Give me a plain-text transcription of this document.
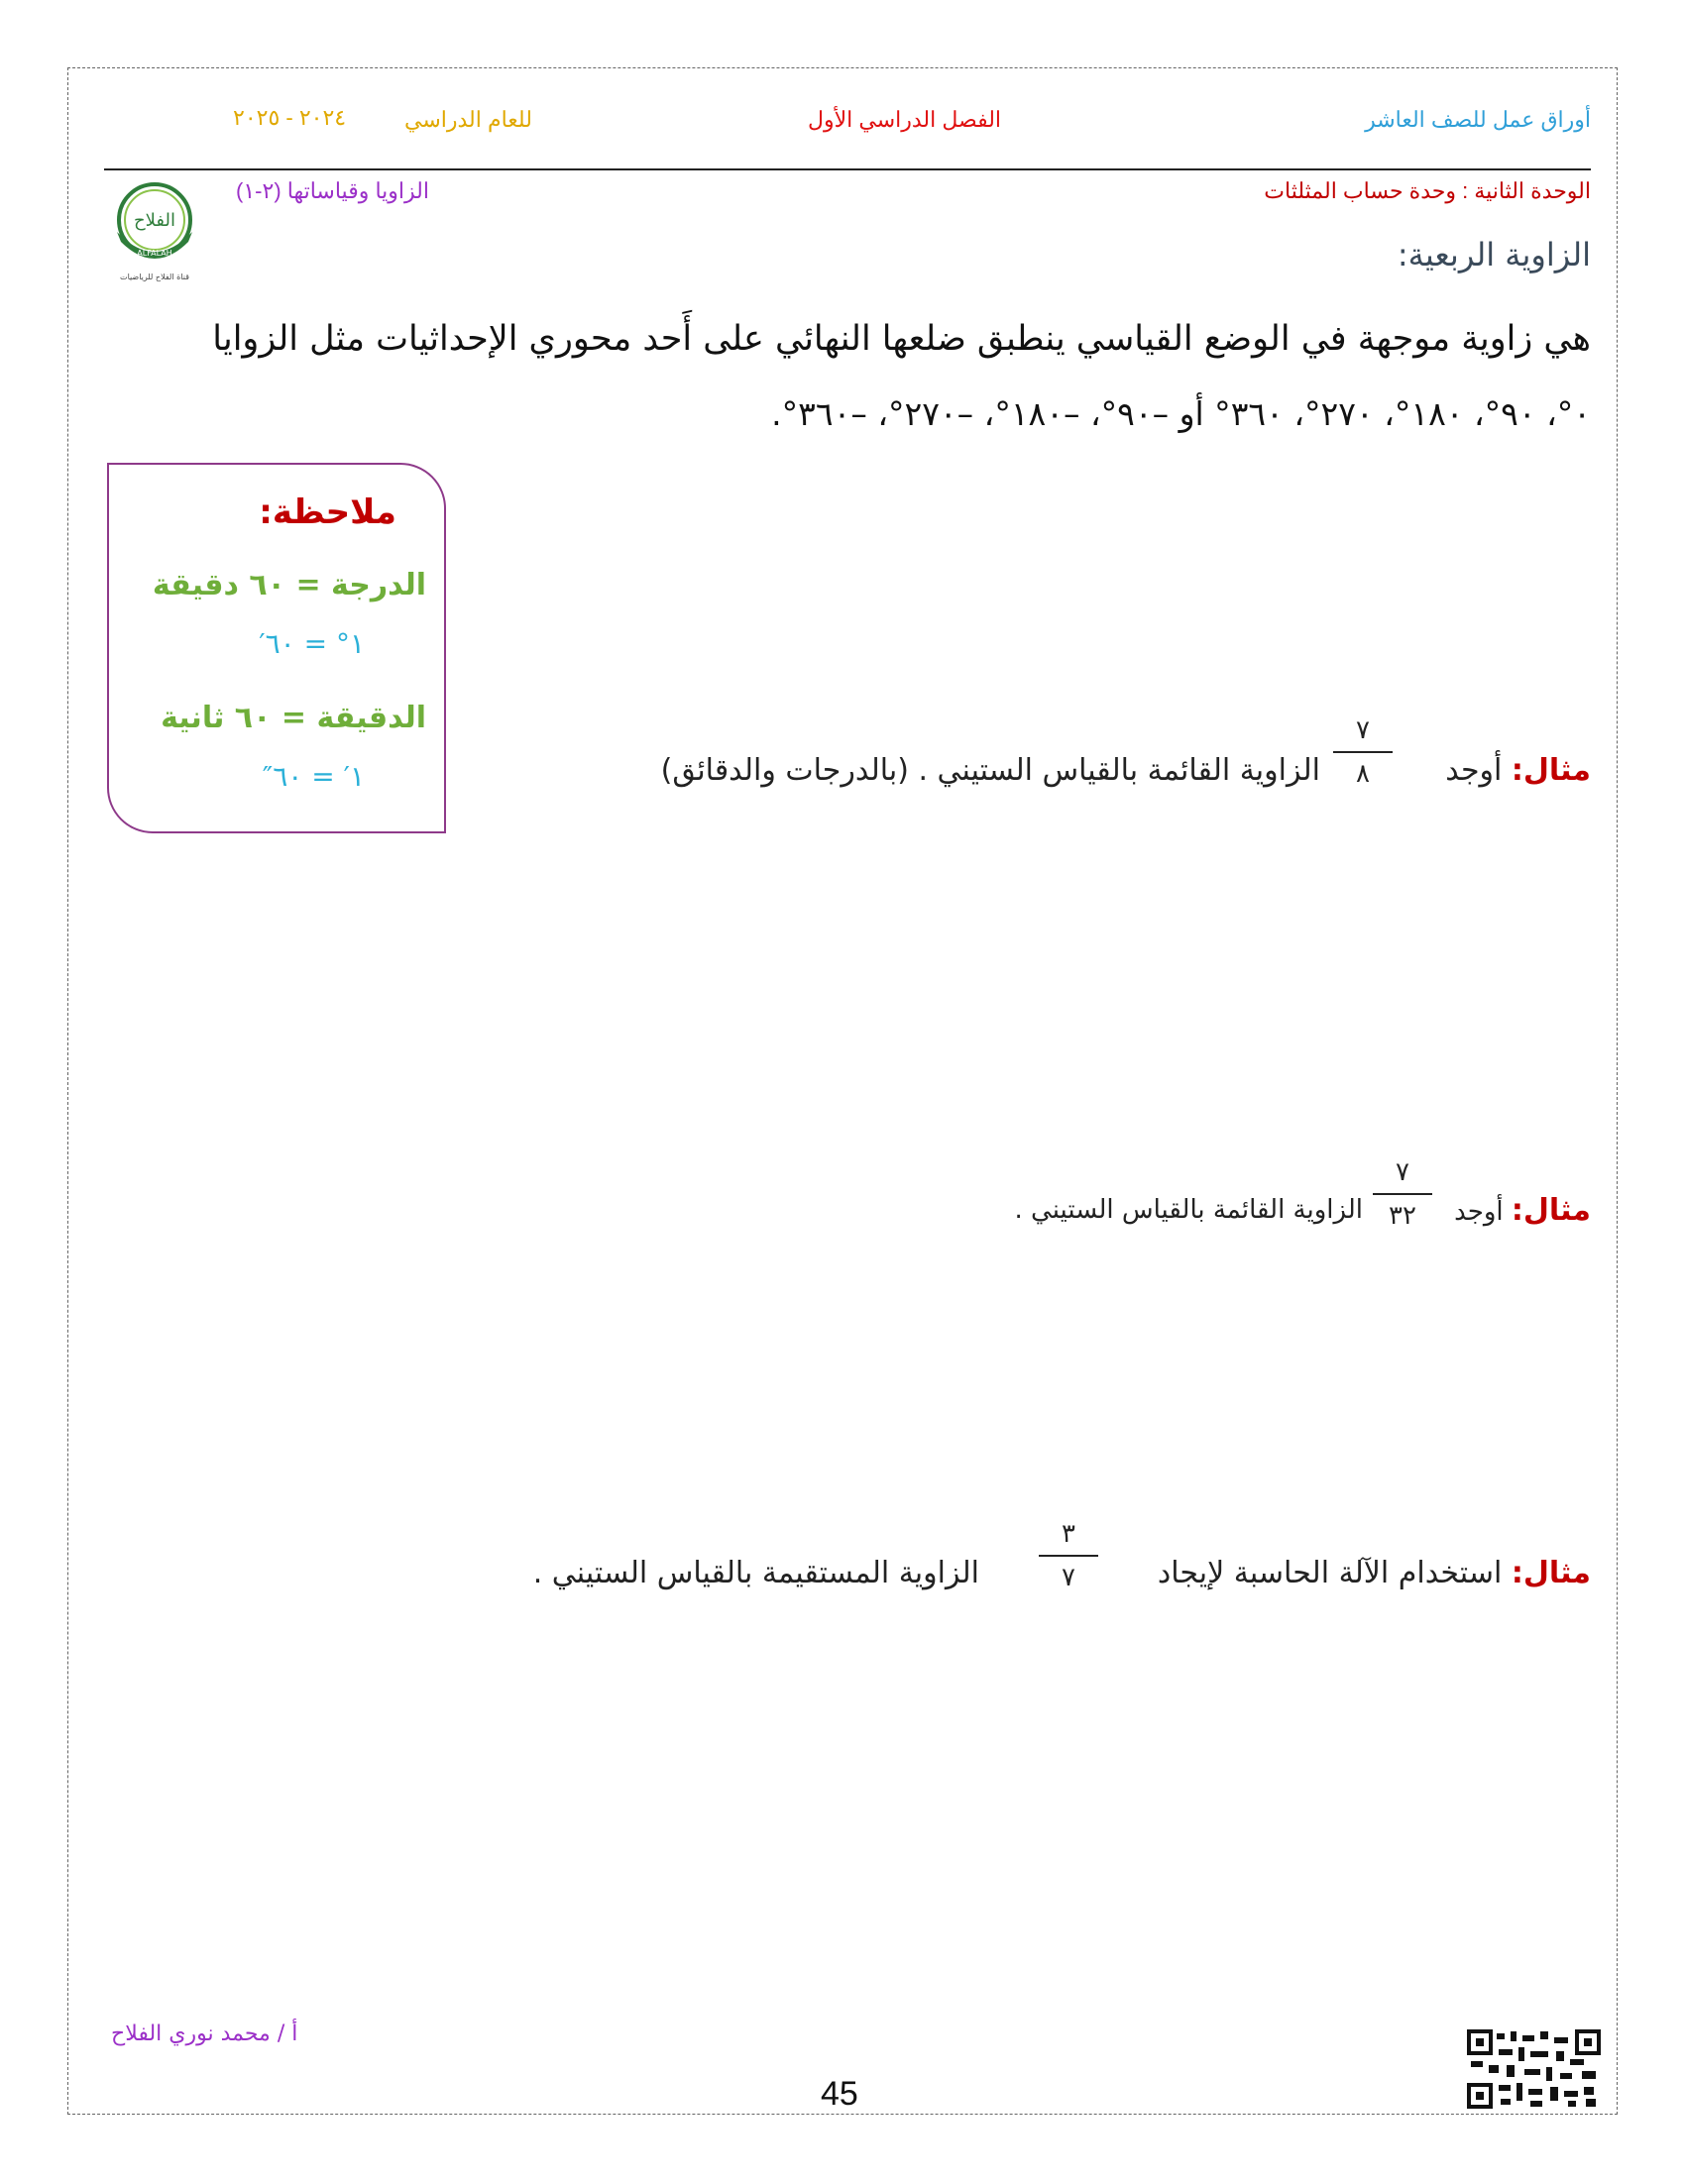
أوراق عمل للصف العاشر
الفصل الدراسي الأول
للعام الدراسي
٢٠٢٤ - ٢٠٢٥
الوحدة الثانية : وحدة حساب المثلثات
الزاويا وقياساتها (٢-١)
الفلاح
ALFALAH
قناة الفلاح للرياضيات
الزاوية الربعية:
هي زاوية موجهة في الوضع القياسي ينطبق ضلعها النهائي على أَحد محوري الإحداثيات مثل الزوايا
٠°، ٩٠°، ١٨٠°، ٢٧٠°، ٣٦٠° أو –٩٠°، –١٨٠°، –٢٧٠°، –٣٦٠°.
ملاحظة:
الدرجة = ٦٠ دقيقة
١° = ٦٠′
الدقيقة = ٦٠ ثانية
١′ = ٦٠″	مثال: أوجد
٧
٨
الزاوية القائمة بالقياس الستيني . (بالدرجات والدقائق)
مثال: أوجد
٧
٣٢
الزاوية القائمة بالقياس الستيني .
مثال: استخدام الآلة الحاسبة لإيجاد
٣
٧
الزاوية المستقيمة بالقياس الستيني .
أ / محمد نوري الفلاح
45
